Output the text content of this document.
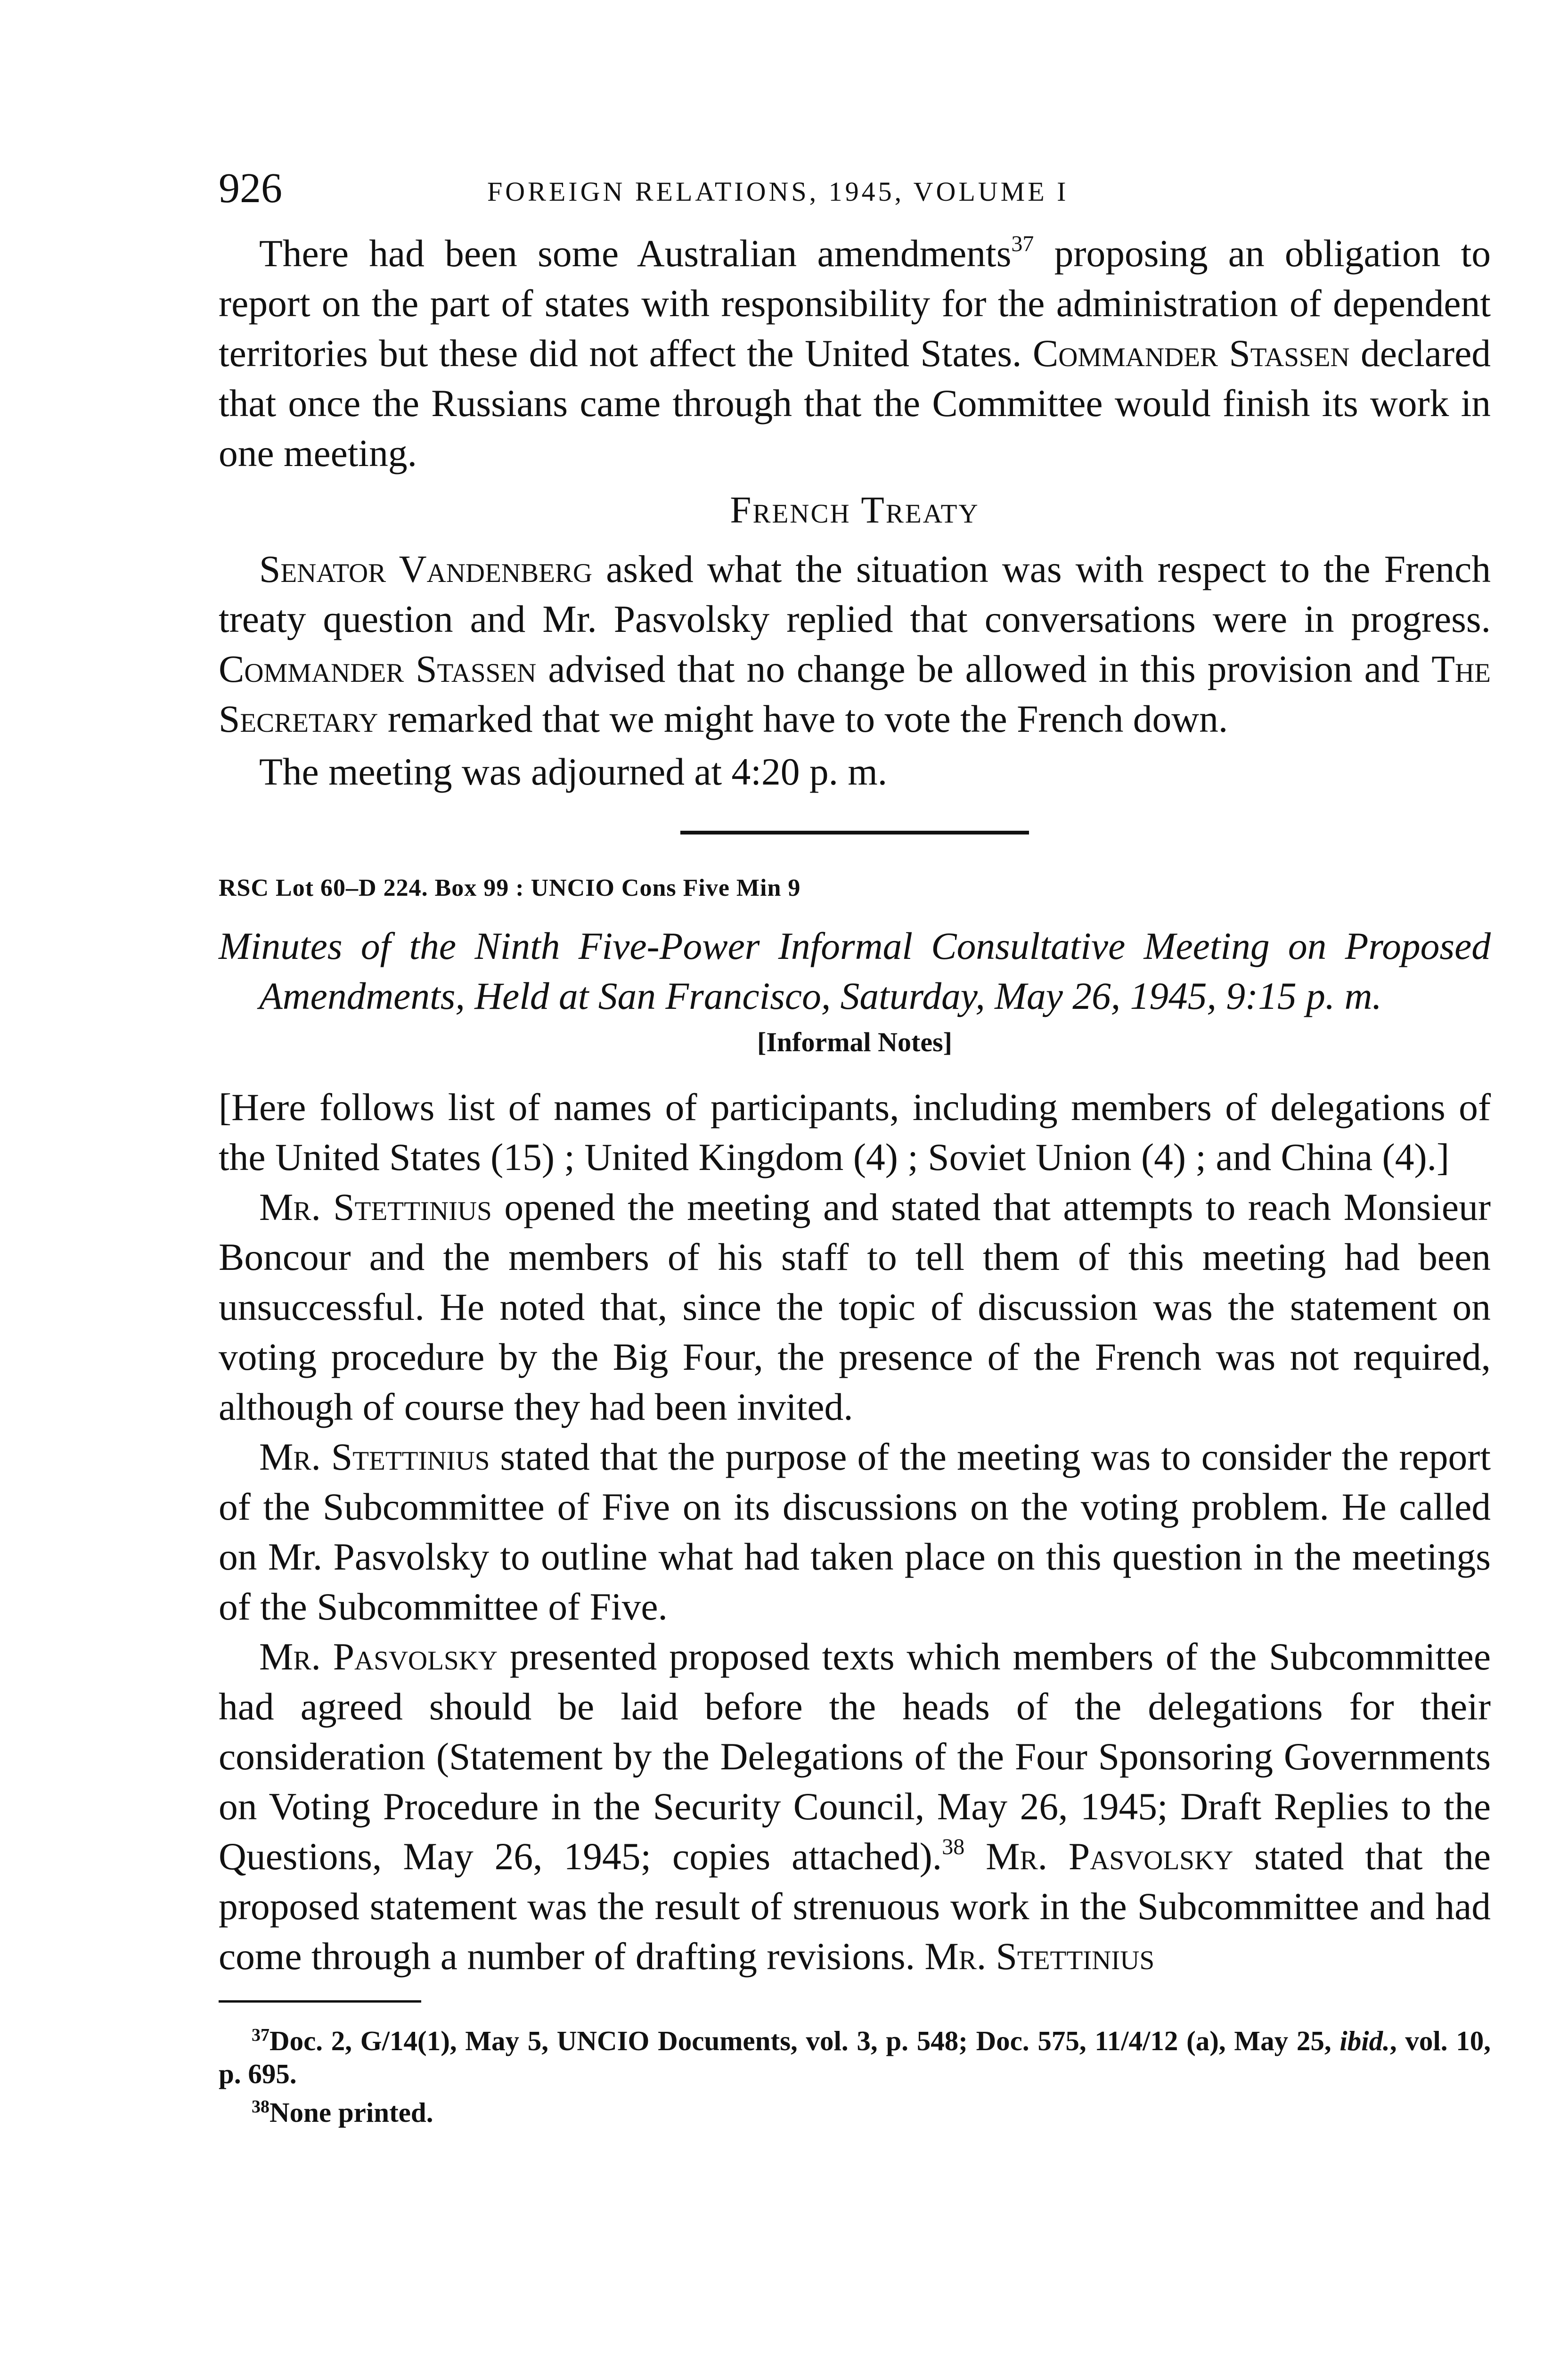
926	FOREIGN RELATIONS, 1945, VOLUME I

There had been some Australian amendments$^{37}$ proposing an obligation to report on the part of states with responsibility for the administration of dependent territories but these did not affect the United States. Commander Stassen declared that once the Russians came through that the Committee would finish its work in one meeting.

French Treaty

Senator Vandenberg asked what the situation was with respect to the French treaty question and Mr. Pasvolsky replied that conversations were in progress. Commander Stassen advised that no change be allowed in this provision and The Secretary remarked that we might have to vote the French down.

The meeting was adjourned at 4:20 p. m.

RSC Lot 60–D 224. Box 99 : UNCIO Cons Five Min 9
Minutes of the Ninth Five-Power Informal Consultative Meeting on Proposed Amendments, Held at San Francisco, Saturday, May 26, 1945, 9:15 p. m.
[Informal Notes]

[Here follows list of names of participants, including members of delegations of the United States (15) ; United Kingdom (4) ; Soviet Union (4) ; and China (4).]

Mr. Stettinius opened the meeting and stated that attempts to reach Monsieur Boncour and the members of his staff to tell them of this meeting had been unsuccessful. He noted that, since the topic of discussion was the statement on voting procedure by the Big Four, the presence of the French was not required, although of course they had been invited.

Mr. Stettinius stated that the purpose of the meeting was to consider the report of the Subcommittee of Five on its discussions on the voting problem. He called on Mr. Pasvolsky to outline what had taken place on this question in the meetings of the Subcommittee of Five.

Mr. Pasvolsky presented proposed texts which members of the Subcommittee had agreed should be laid before the heads of the delegations for their consideration (Statement by the Delegations of the Four Sponsoring Governments on Voting Procedure in the Security Council, May 26, 1945; Draft Replies to the Questions, May 26, 1945; copies attached).$^{38}$ Mr. Pasvolsky stated that the proposed statement was the result of strenuous work in the Subcommittee and had come through a number of drafting revisions. Mr. Stettinius

$^{37}$Doc. 2, G/14(1), May 5, UNCIO Documents, vol. 3, p. 548; Doc. 575, 11/4/12 (a), May 25, ibid., vol. 10, p. 695.

$^{38}$None printed.
